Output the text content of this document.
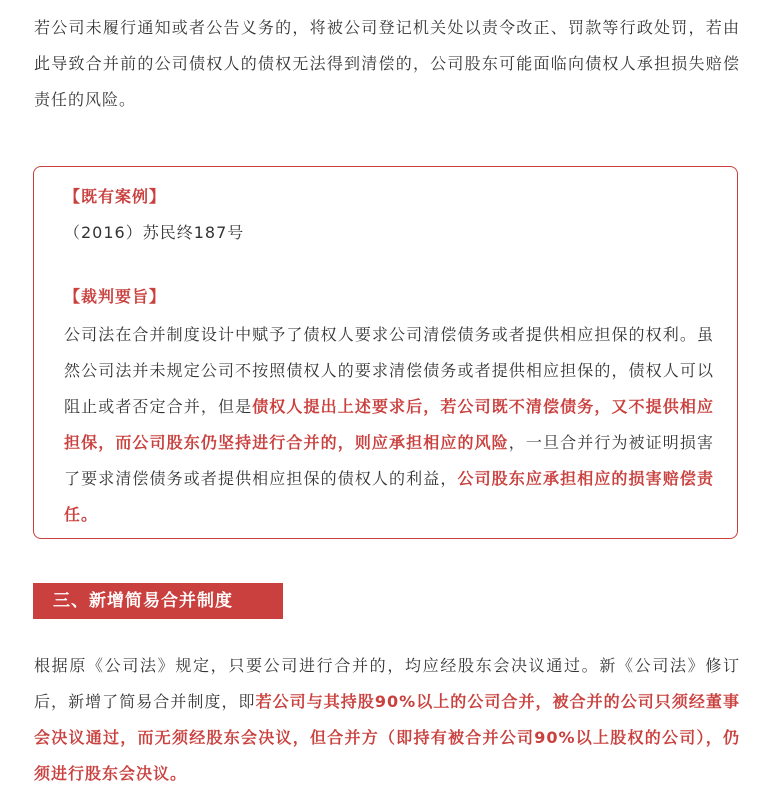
若公司未履行通知或者公告义务的，将被公司登记机关处以责令改正、罚款等行政处罚，若由此导致合并前的公司债权人的债权无法得到清偿的，公司股东可能面临向债权人承担损失赔偿责任的风险。

【既有案例】
（2016）苏民终187号
【裁判要旨】

公司法在合并制度设计中赋予了债权人要求公司清偿债务或者提供相应担保的权利。虽然公司法并未规定公司不按照债权人的要求清偿债务或者提供相应担保的，债权人可以阻止或者否定合并，但是债权人提出上述要求后，若公司既不清偿债务，又不提供相应担保，而公司股东仍坚持进行合并的，则应承担相应的风险，一旦合并行为被证明损害了要求清偿债务或者提供相应担保的债权人的利益，公司股东应承担相应的损害赔偿责任。

三、新增简易合并制度

根据原《公司法》规定，只要公司进行合并的，均应经股东会决议通过。新《公司法》修订后，新增了简易合并制度，即若公司与其持股90%以上的公司合并，被合并的公司只须经董事会决议通过，而无须经股东会决议，但合并方（即持有被合并公司90%以上股权的公司），仍须进行股东会决议。
